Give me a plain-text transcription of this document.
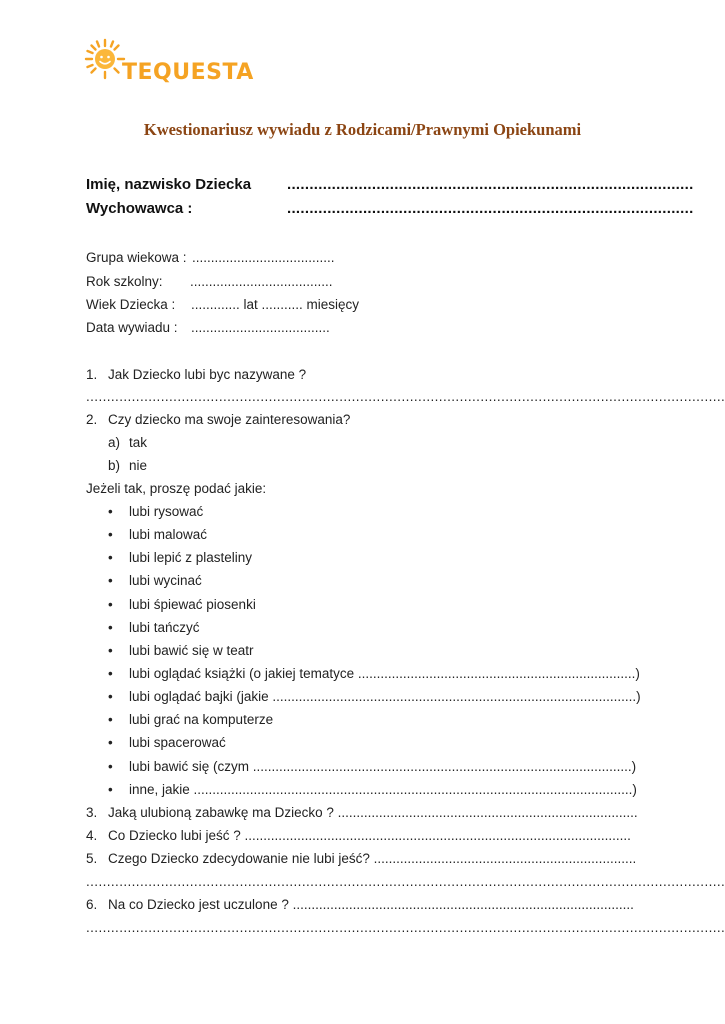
TEQUESTA
Kwestionariusz wywiadu z Rodzicami/Prawnymi Opiekunami
Imię, nazwisko Dziecka ...........................................................................................
Wychowawca :	...........................................................................................
Grupa wiekowa : ......................................
Rok szkolny: ......................................
Wiek Dziecka : ............. lat ........... miesięcy
Data wywiadu : .....................................
1. Jak Dziecko lubi byc nazywane ?
..........................................................................................................................................................
2. Czy dziecko ma swoje zainteresowania?
a) tak
b) nie
Jeżeli tak, proszę podać jakie:
• lubi rysować
• lubi malować
• lubi lepić z plasteliny
• lubi wycinać
• lubi śpiewać piosenki
• lubi tańczyć
• lubi bawić się w teatr
• lubi oglądać książki (o jakiej tematyce ..........................................................................)
• lubi oglądać bajki (jakie .................................................................................................)
• lubi grać na komputerze
• lubi spacerować
• lubi bawić się (czym .....................................................................................................)
• inne, jakie .....................................................................................................................)
3. Jaką ulubioną zabawkę ma Dziecko ? ................................................................................
4. Co Dziecko lubi jeść ? .......................................................................................................
5. Czego Dziecko zdecydowanie nie lubi jeść? ......................................................................
..........................................................................................................................................................
6. Na co Dziecko jest uczulone ? ...........................................................................................
..........................................................................................................................................................
